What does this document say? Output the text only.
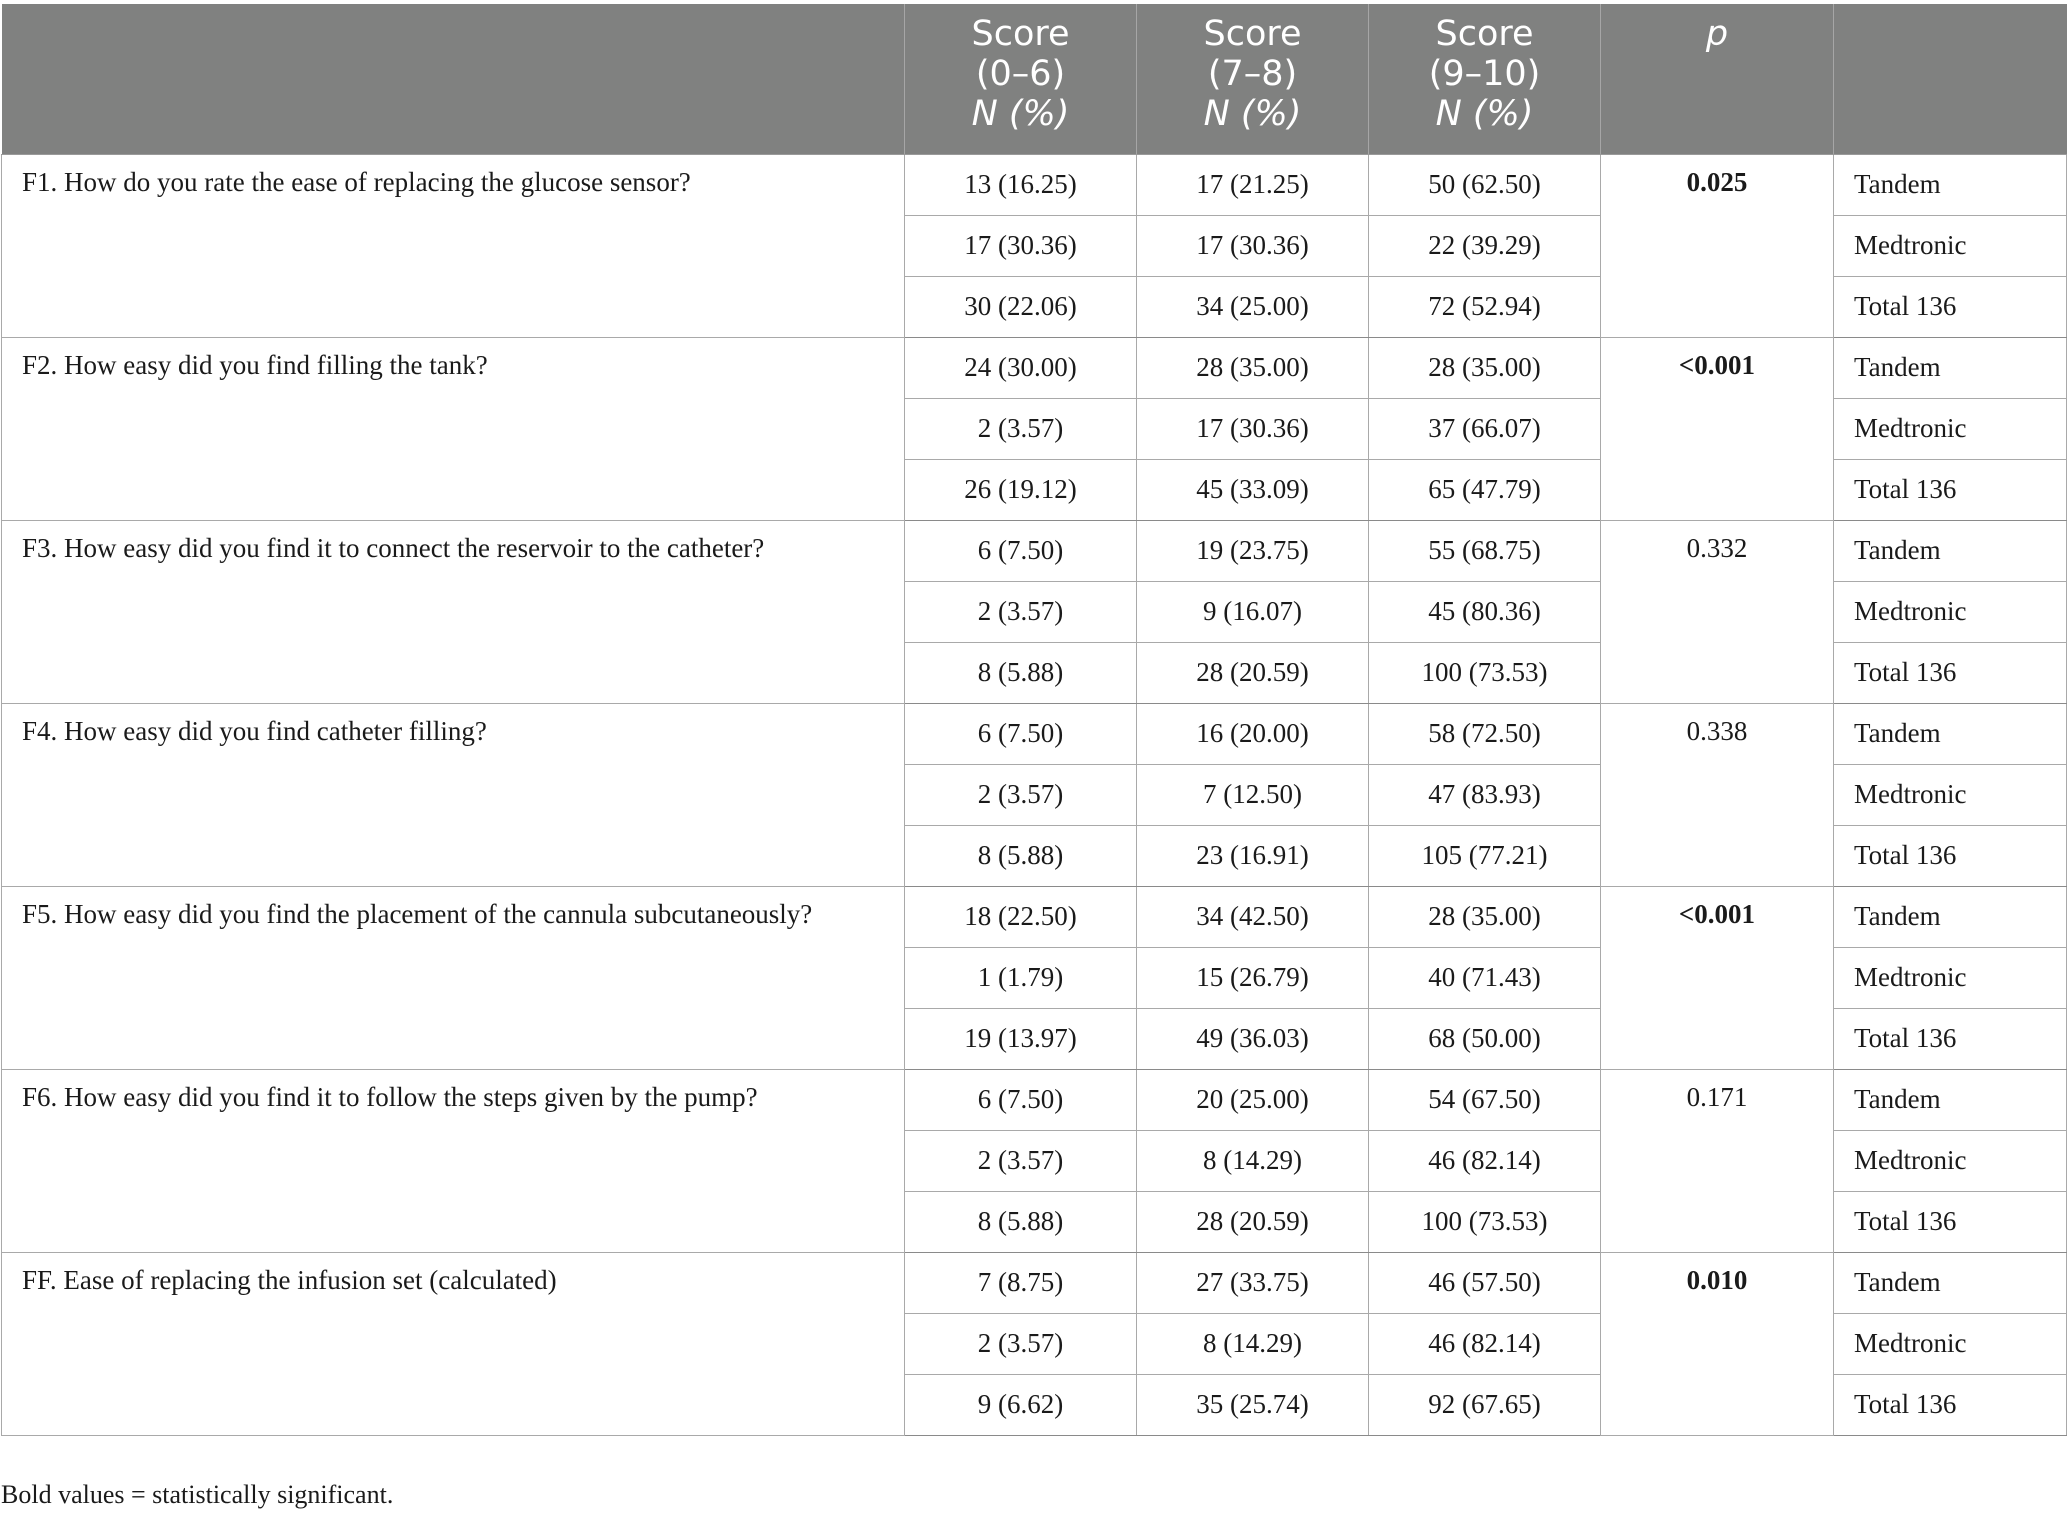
	Score
(0–6)
N (%)	Score
(7–8)
N (%)	Score
(9–10)
N (%)	p	

F1. How do you rate the ease of replacing the glucose sensor?	13 (16.25)	17 (21.25)	50 (62.50)	0.025	Tandem
	17 (30.36)	17 (30.36)	22 (39.29)		Medtronic
	30 (22.06)	34 (25.00)	72 (52.94)		Total 136
F2. How easy did you find filling the tank?	24 (30.00)	28 (35.00)	28 (35.00)	<0.001	Tandem
	2 (3.57)	17 (30.36)	37 (66.07)		Medtronic
	26 (19.12)	45 (33.09)	65 (47.79)		Total 136
F3. How easy did you find it to connect the reservoir to the catheter?	6 (7.50)	19 (23.75)	55 (68.75)	0.332	Tandem
	2 (3.57)	9 (16.07)	45 (80.36)		Medtronic
	8 (5.88)	28 (20.59)	100 (73.53)		Total 136
F4. How easy did you find catheter filling?	6 (7.50)	16 (20.00)	58 (72.50)	0.338	Tandem
	2 (3.57)	7 (12.50)	47 (83.93)		Medtronic
	8 (5.88)	23 (16.91)	105 (77.21)		Total 136
F5. How easy did you find the placement of the cannula subcutaneously?	18 (22.50)	34 (42.50)	28 (35.00)	<0.001	Tandem
	1 (1.79)	15 (26.79)	40 (71.43)		Medtronic
	19 (13.97)	49 (36.03)	68 (50.00)		Total 136
F6. How easy did you find it to follow the steps given by the pump?	6 (7.50)	20 (25.00)	54 (67.50)	0.171	Tandem
	2 (3.57)	8 (14.29)	46 (82.14)		Medtronic
	8 (5.88)	28 (20.59)	100 (73.53)		Total 136
FF. Ease of replacing the infusion set (calculated)	7 (8.75)	27 (33.75)	46 (57.50)	0.010	Tandem
	2 (3.57)	8 (14.29)	46 (82.14)		Medtronic
	9 (6.62)	35 (25.74)	92 (67.65)		Total 136
Bold values = statistically significant.
